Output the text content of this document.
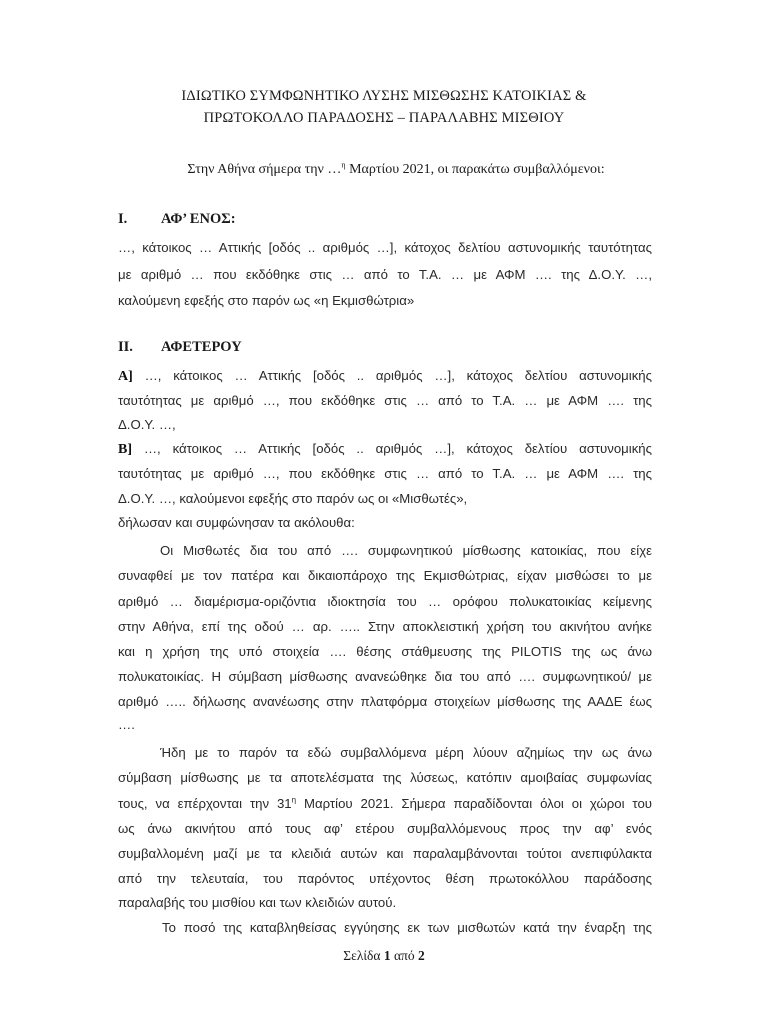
ΙΔΙΩΤΙΚΟ ΣΥΜΦΩΝΗΤΙΚΟ ΛΥΣΗΣ ΜΙΣΘΩΣΗΣ ΚΑΤΟΙΚΙΑΣ &
ΠΡΩΤΟΚΟΛΛΟ ΠΑΡΑΔΟΣΗΣ – ΠΑΡΑΛΑΒΗΣ ΜΙΣΘΙΟΥ
Στην Αθήνα σήμερα την …$^\eta$ Μαρτίου 2021, οι παρακάτω συμβαλλόμενοι:
I. ΑΦ’ ΕΝΟΣ:
…, κάτοικος … Αττικής [οδός .. αριθμός …], κάτοχος δελτίου αστυνομικής ταυτότητας
με αριθμό … που εκδόθηκε στις … από το Τ.Α. … με ΑΦΜ …. της Δ.Ο.Υ. …,
καλούμενη εφεξής στο παρόν ως «η Εκμισθώτρια»
II. ΑΦΕΤΕΡΟΥ
Α] …, κάτοικος … Αττικής [οδός .. αριθμός …], κάτοχος δελτίου αστυνομικής
ταυτότητας με αριθμό …, που εκδόθηκε στις … από το Τ.Α. … με ΑΦΜ …. της
Δ.Ο.Υ. …,
Β] …, κάτοικος … Αττικής [οδός .. αριθμός …], κάτοχος δελτίου αστυνομικής
ταυτότητας με αριθμό …, που εκδόθηκε στις … από το Τ.Α. … με ΑΦΜ …. της
Δ.Ο.Υ. …, καλούμενοι εφεξής στο παρόν ως οι «Μισθωτές»,
δήλωσαν και συμφώνησαν τα ακόλουθα:
Οι Μισθωτές δια του από …. συμφωνητικού μίσθωσης κατοικίας, που είχε
συναφθεί με τον πατέρα και δικαιοπάροχο της Εκμισθώτριας, είχαν μισθώσει το με
αριθμό … διαμέρισμα-οριζόντια ιδιοκτησία του … ορόφου πολυκατοικίας κείμενης
στην Αθήνα, επί της οδού … αρ. ….. Στην αποκλειστική χρήση του ακινήτου ανήκε
και η χρήση της υπό στοιχεία …. θέσης στάθμευσης της PILOTIS της ως άνω
πολυκατοικίας. Η σύμβαση μίσθωσης ανανεώθηκε δια του από …. συμφωνητικού/ με
αριθμό ….. δήλωσης ανανέωσης στην πλατφόρμα στοιχείων μίσθωσης της ΑΑΔΕ έως
….
Ήδη με το παρόν τα εδώ συμβαλλόμενα μέρη λύουν αζημίως την ως άνω
σύμβαση μίσθωσης με τα αποτελέσματα της λύσεως, κατόπιν αμοιβαίας συμφωνίας
τους, να επέρχονται την $31^\eta$ Μαρτίου 2021. Σήμερα παραδίδονται όλοι οι χώροι του
ως άνω ακινήτου από τους αφ’ ετέρου συμβαλλόμενους προς την αφ’ ενός
συμβαλλομένη μαζί με τα κλειδιά αυτών και παραλαμβάνονται τούτοι ανεπιφύλακτα
από την τελευταία, του παρόντος υπέχοντος θέση πρωτοκόλλου παράδοσης
παραλαβής του μισθίου και των κλειδιών αυτού.
Το ποσό της καταβληθείσας εγγύησης εκ των μισθωτών κατά την έναρξη της
Σελίδα 1 από 2
